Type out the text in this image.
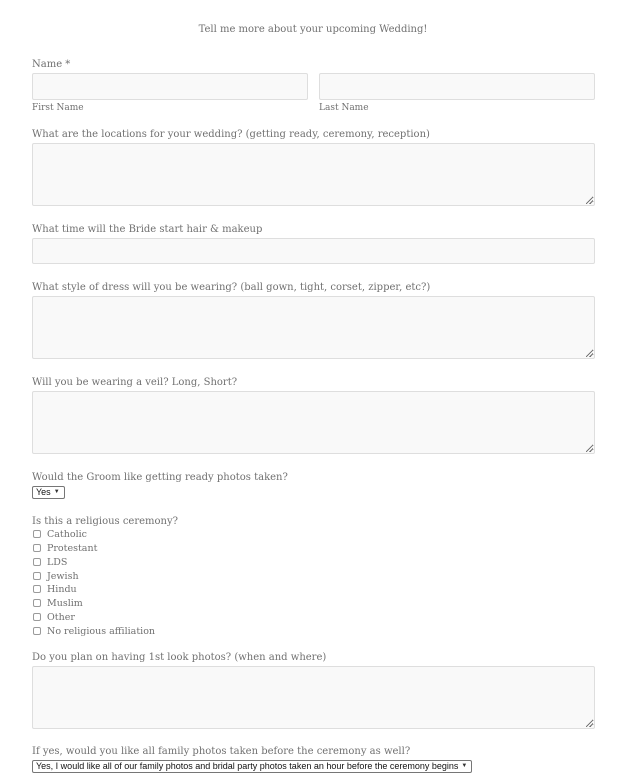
Tell me more about your upcoming Wedding!
Name *
First Name	Last Name
What are the locations for your wedding? (getting ready, ceremony, reception)
What time will the Bride start hair & makeup
What style of dress will you be wearing? (ball gown, tight, corset, zipper, etc?)
Will you be wearing a veil? Long, Short?
Would the Groom like getting ready photos taken?
Yes ▼
Is this a religious ceremony?
Catholic
Protestant
LDS
Jewish
Hindu
Muslim
Other
No religious affiliation
Do you plan on having 1st look photos? (when and where)
If yes, would you like all family photos taken before the ceremony as well?
Yes, I would like all of our family photos and bridal party photos taken an hour before the ceremony begins ▼
